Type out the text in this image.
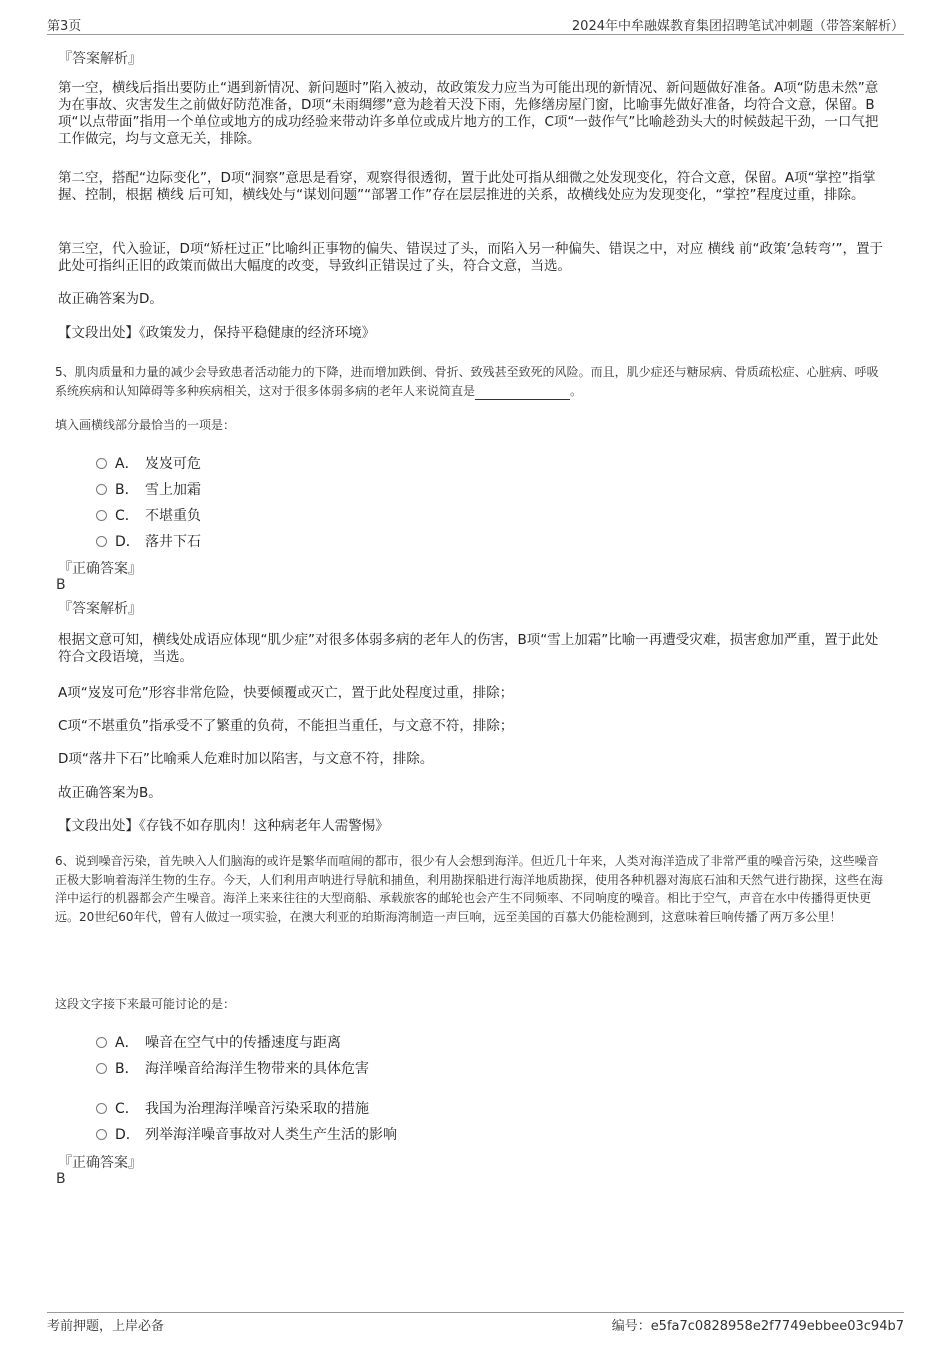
第3页	2024年中牟融媒教育集团招聘笔试冲刺题（带答案解析）
『答案解析』
第一空，横线后指出要防止“遇到新情况、新问题时”陷入被动，故政策发力应当为可能出现的新情况、新问题做好准备。A项“防患未然”意为在事故、灾害发生之前做好防范准备，D项“未雨绸缪”意为趁着天没下雨，先修缮房屋门窗，比喻事先做好准备，均符合文意，保留。B项“以点带面”指用一个单位或地方的成功经验来带动许多单位或成片地方的工作，C项“一鼓作气”比喻趁劲头大的时候鼓起干劲，一口气把工作做完，均与文意无关，排除。
第二空，搭配“边际变化”，D项“洞察”意思是看穿，观察得很透彻，置于此处可指从细微之处发现变化，符合文意，保留。A项“掌控”指掌握、控制，根据 横线 后可知，横线处与“谋划问题”“部署工作”存在层层推进的关系，故横线处应为发现变化，“掌控”程度过重，排除。
第三空，代入验证，D项“矫枉过正”比喻纠正事物的偏失、错误过了头，而陷入另一种偏失、错误之中，对应 横线 前“政策’急转弯’”，置于此处可指纠正旧的政策而做出大幅度的改变，导致纠正错误过了头，符合文意，当选。
故正确答案为D。
【文段出处】《政策发力，保持平稳健康的经济环境》
5、肌肉质量和力量的减少会导致患者活动能力的下降，进而增加跌倒、骨折、致残甚至致死的风险。而且，肌少症还与糖尿病、骨质疏松症、心脏病、呼吸系统疾病和认知障碍等多种疾病相关，这对于很多体弱多病的老年人来说简直是	。
填入画横线部分最恰当的一项是：
A． 岌岌可危
B． 雪上加霜
C． 不堪重负
D． 落井下石
『正确答案』
B
『答案解析』
根据文意可知，横线处成语应体现“肌少症”对很多体弱多病的老年人的伤害，B项“雪上加霜”比喻一再遭受灾难，损害愈加严重，置于此处符合文段语境，当选。
A项“岌岌可危”形容非常危险，快要倾覆或灭亡，置于此处程度过重，排除；
C项“不堪重负”指承受不了繁重的负荷，不能担当重任，与文意不符，排除；
D项“落井下石”比喻乘人危难时加以陷害，与文意不符，排除。
故正确答案为B。
【文段出处】《存钱不如存肌肉！这种病老年人需警惕》
6、说到噪音污染，首先映入人们脑海的或许是繁华而喧闹的都市，很少有人会想到海洋。但近几十年来，人类对海洋造成了非常严重的噪音污染，这些噪音正极大影响着海洋生物的生存。今天，人们利用声呐进行导航和捕鱼，利用勘探船进行海洋地质勘探，使用各种机器对海底石油和天然气进行勘探，这些在海洋中运行的机器都会产生噪音。海洋上来来往往的大型商船、承载旅客的邮轮也会产生不同频率、不同响度的噪音。相比于空气，声音在水中传播得更快更远。20世纪60年代，曾有人做过一项实验，在澳大利亚的珀斯海湾制造一声巨响，远至美国的百慕大仍能检测到，这意味着巨响传播了两万多公里！
这段文字接下来最可能讨论的是：
A． 噪音在空气中的传播速度与距离
B． 海洋噪音给海洋生物带来的具体危害
C． 我国为治理海洋噪音污染采取的措施
D． 列举海洋噪音事故对人类生产生活的影响
『正确答案』
B
考前押题，上岸必备	编号：e5fa7c0828958e2f7749ebbee03c94b7
